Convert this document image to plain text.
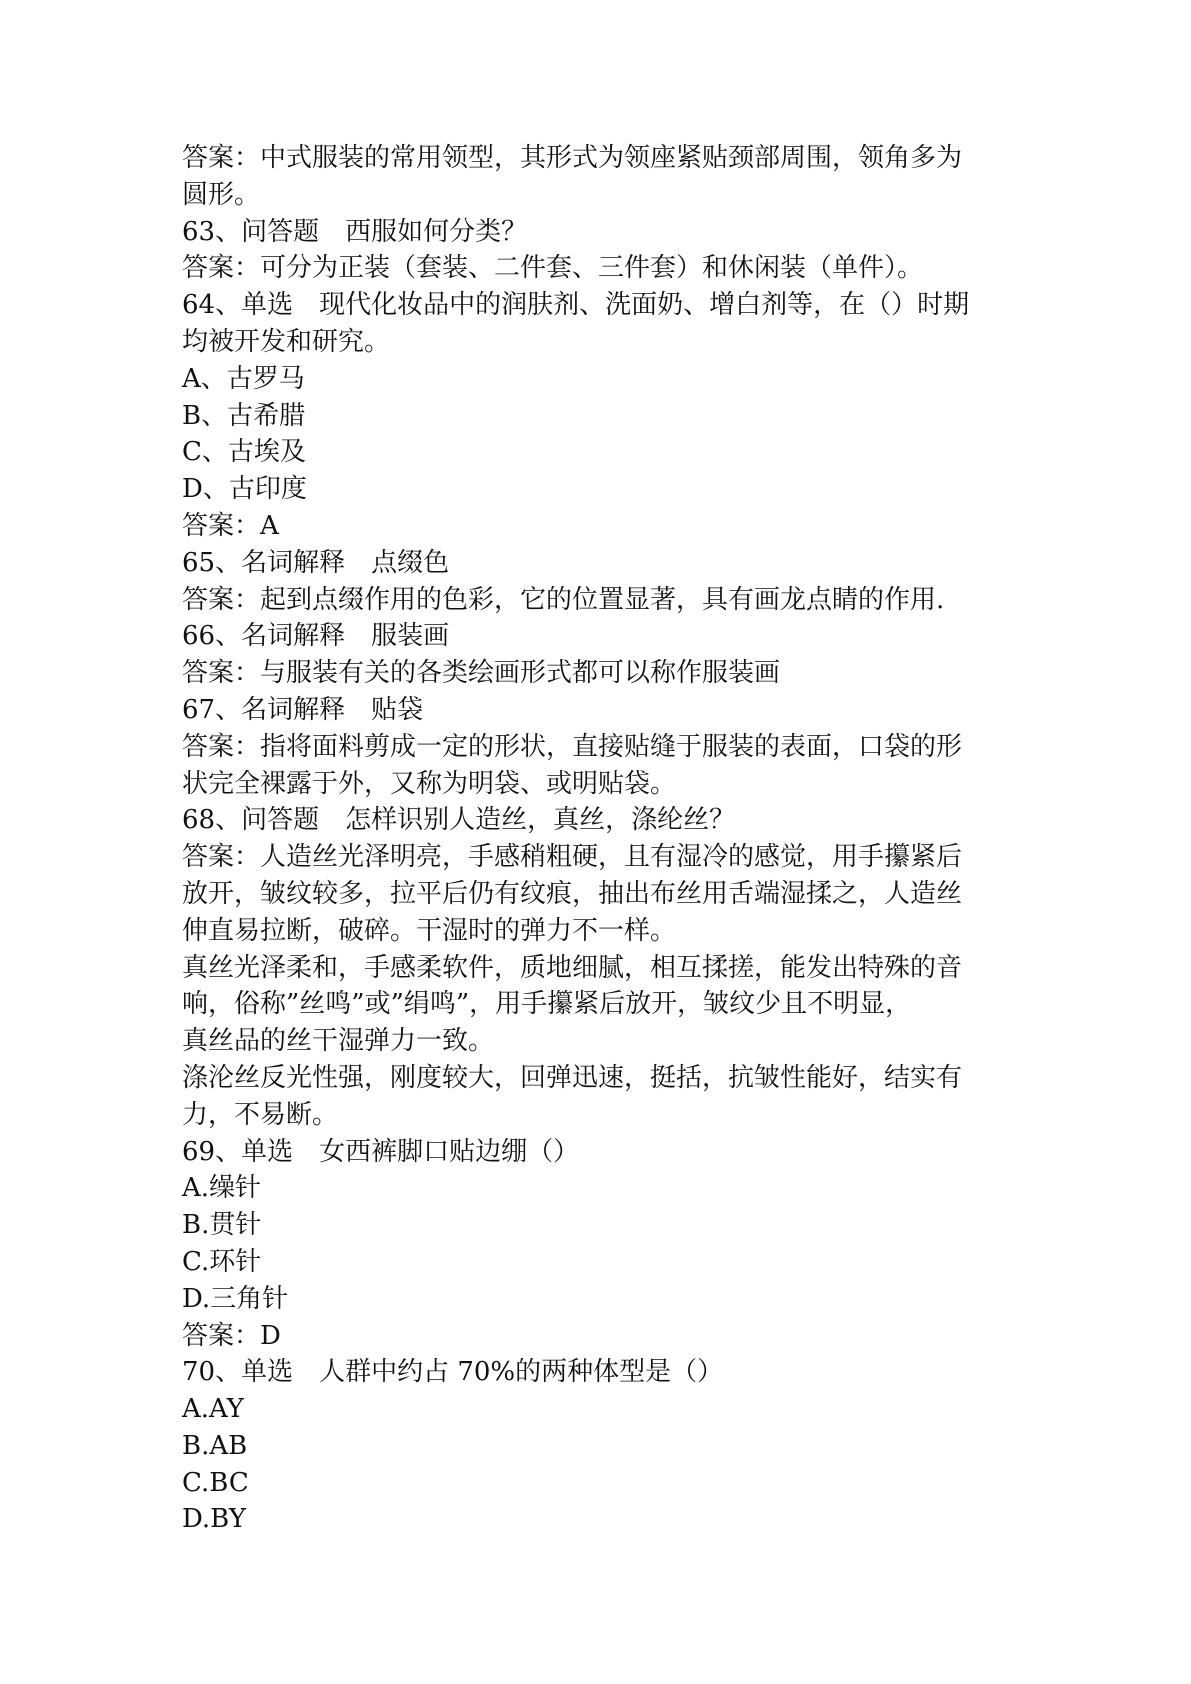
答案：中式服装的常用领型，其形式为领座紧贴颈部周围，领角多为

圆形。

63、问答题　西服如何分类？

答案：可分为正装（套装、二件套、三件套）和休闲装（单件）。

64、单选　现代化妆品中的润肤剂、洗面奶、增白剂等，在（）时期

均被开发和研究。

A、古罗马

B、古希腊

C、古埃及

D、古印度

答案：A

65、名词解释　点缀色

答案：起到点缀作用的色彩，它的位置显著，具有画龙点睛的作用.

66、名词解释　服装画

答案：与服装有关的各类绘画形式都可以称作服装画

67、名词解释　贴袋

答案：指将面料剪成一定的形状，直接贴缝于服装的表面，口袋的形

状完全裸露于外，又称为明袋、或明贴袋。

68、问答题　怎样识别人造丝，真丝，涤纶丝？

答案：人造丝光泽明亮，手感稍粗硬，且有湿冷的感觉，用手攥紧后

放开，皱纹较多，拉平后仍有纹痕，抽出布丝用舌端湿揉之，人造丝

伸直易拉断，破碎。干湿时的弹力不一样。

真丝光泽柔和，手感柔软件，质地细腻，相互揉搓，能发出特殊的音

响，俗称”丝鸣”或”绢鸣”，用手攥紧后放开，皱纹少且不明显，

真丝品的丝干湿弹力一致。

涤沦丝反光性强，刚度较大，回弹迅速，挺括，抗皱性能好，结实有

力，不易断。

69、单选　女西裤脚口贴边绷（）

A.缲针

B.贯针

C.环针

D.三角针

答案：D

70、单选　人群中约占 70%的两种体型是（）

A.AY

B.AB

C.BC

D.BY
